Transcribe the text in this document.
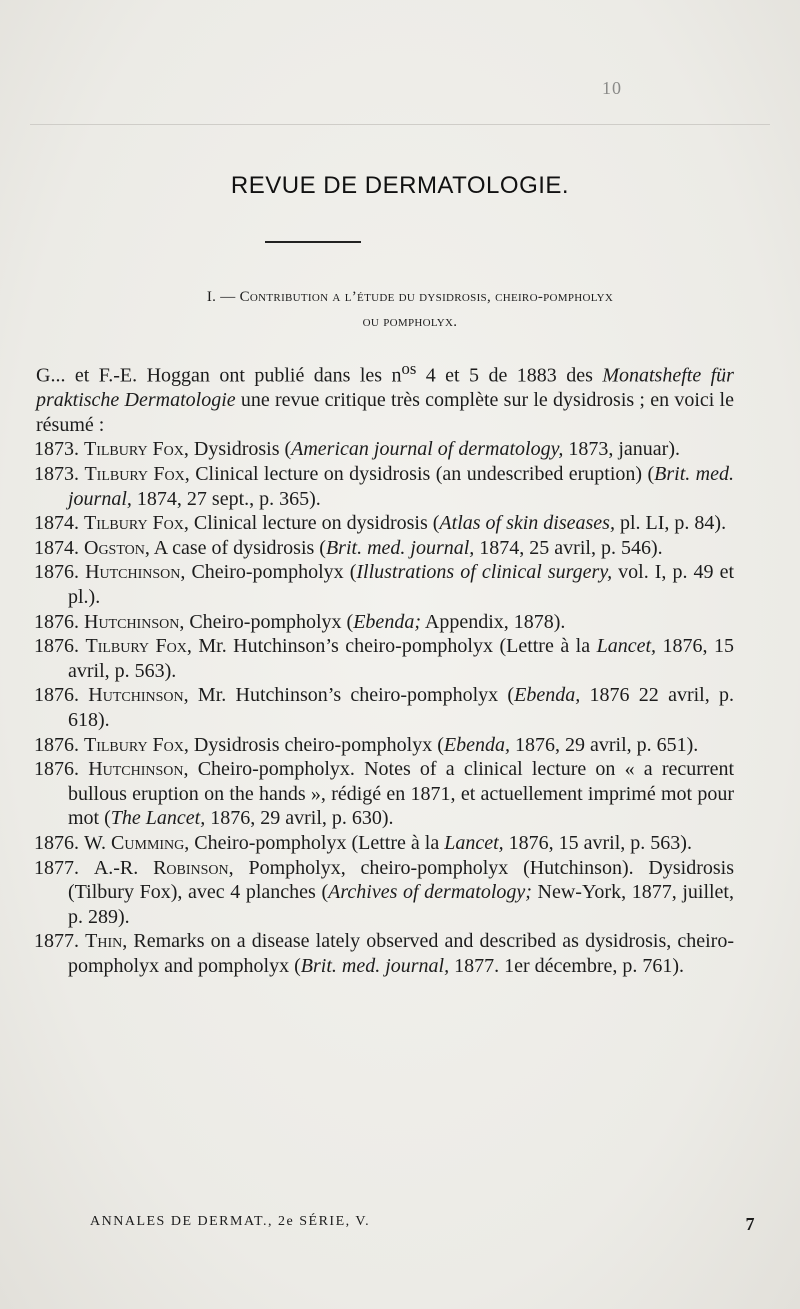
10
REVUE DE DERMATOLOGIE.
I. — Contribution a l’étude du dysidrosis, cheiro-pompholyx
ou pompholyx.

G... et F.-E. Hoggan ont publié dans les $n^{os}$ 4 et 5 de 1883 des Monatshefte für praktische Dermatologie une revue critique très complète sur le dysidrosis ; en voici le résumé :

1873. Tilbury Fox, Dysidrosis (American journal of dermatology, 1873, januar).
1873. Tilbury Fox, Clinical lecture on dysidrosis (an undescribed eruption) (Brit. med. journal, 1874, 27 sept., p. 365).
1874. Tilbury Fox, Clinical lecture on dysidrosis (Atlas of skin diseases, pl. LI, p. 84).
1874. Ogston, A case of dysidrosis (Brit. med. journal, 1874, 25 avril, p. 546).
1876. Hutchinson, Cheiro-pompholyx (Illustrations of clinical surgery, vol. I, p. 49 et pl.).
1876. Hutchinson, Cheiro-pompholyx (Ebenda; Appendix, 1878).
1876. Tilbury Fox, Mr. Hutchinson’s cheiro-pompholyx (Lettre à la Lancet, 1876, 15 avril, p. 563).
1876. Hutchinson, Mr. Hutchinson’s cheiro-pompholyx (Ebenda, 1876 22 avril, p. 618).
1876. Tilbury Fox, Dysidrosis cheiro-pompholyx (Ebenda, 1876, 29 avril, p. 651).
1876. Hutchinson, Cheiro-pompholyx. Notes of a clinical lecture on « a recurrent bullous eruption on the hands », rédigé en 1871, et actuellement imprimé mot pour mot (The Lancet, 1876, 29 avril, p. 630).
1876. W. Cumming, Cheiro-pompholyx (Lettre à la Lancet, 1876, 15 avril, p. 563).
1877. A.-R. Robinson, Pompholyx, cheiro-pompholyx (Hutchinson). Dysidrosis (Tilbury Fox), avec 4 planches (Archives of dermatology; New-York, 1877, juillet, p. 289).
1877. Thin, Remarks on a disease lately observed and described as dysidrosis, cheiro-pompholyx and pompholyx (Brit. med. journal, 1877. 1er décembre, p. 761).
ANNALES DE DERMAT., 2e SÉRIE, V.	7
